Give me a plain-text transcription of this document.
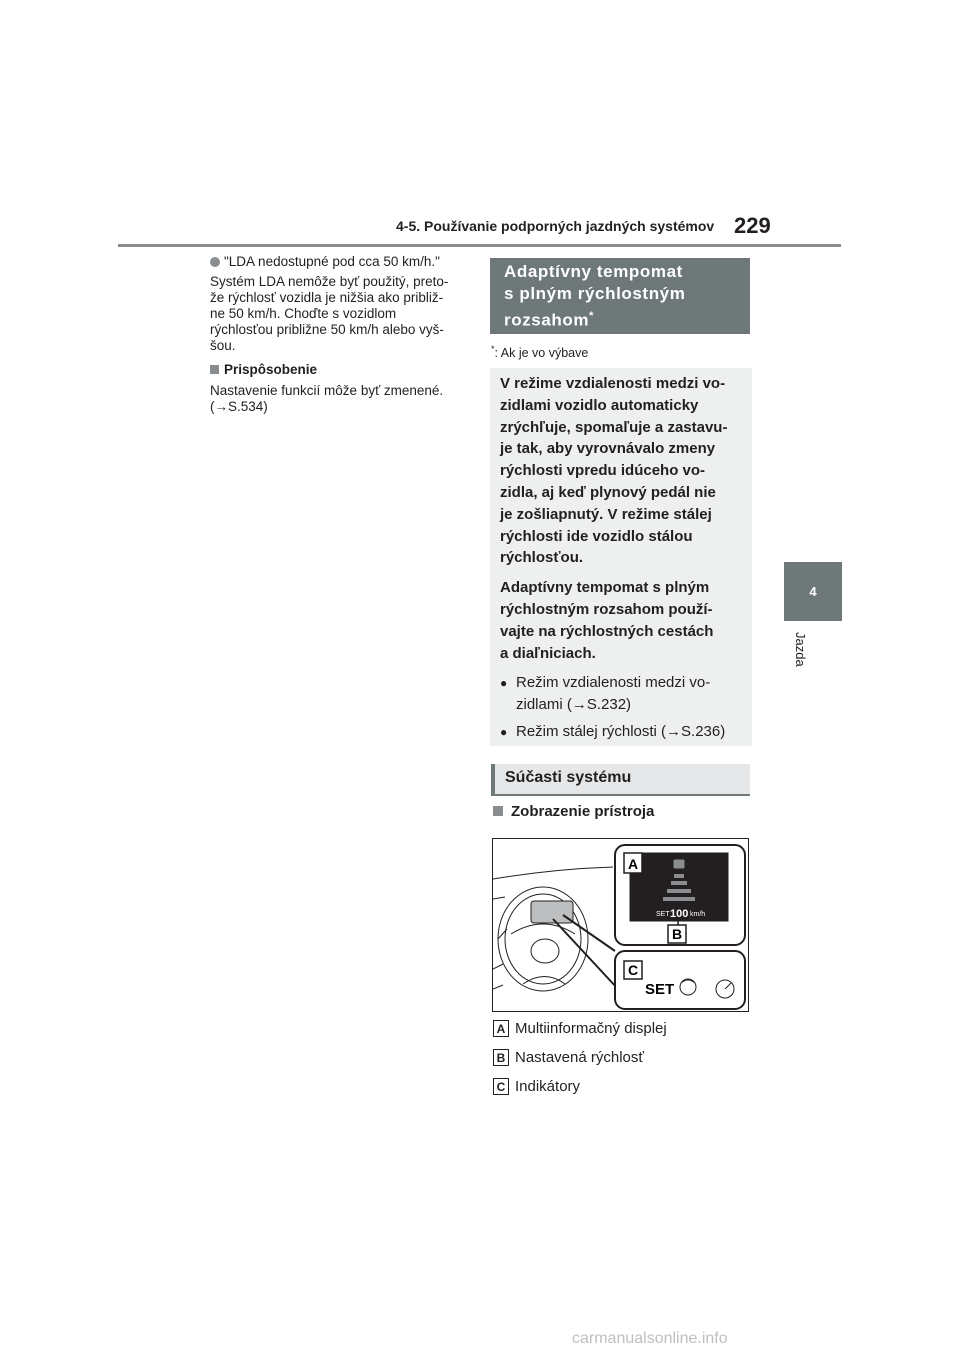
4-5. Používanie podporných jazdných systémov 229
4
Jazda
"LDA nedostupné pod cca 50 km/h."
Systém LDA nemôže byť použitý, preto-
že rýchlosť vozidla je nižšia ako približ-
ne 50 km/h. Choďte s vozidlom
rýchlosťou približne 50 km/h alebo vyš-
šou.
Prispôsobenie
Nastavenie funkcií môže byť zmenené.
(→S.534)
Adaptívny tempomat
s plným rýchlostným
rozsahom*
*: Ak je vo výbave

V režime vzdialenosti medzi vo-
zidlami vozidlo automaticky
zrýchľuje, spomaľuje a zastavu-
je tak, aby vyrovnávalo zmeny
rýchlosti vpredu idúceho vo-
zidla, aj keď plynový pedál nie
je zošliapnutý. V režime stálej
rýchlosti ide vozidlo stálou
rýchlosťou.

Adaptívny tempomat s plným
rýchlostným rozsahom použí-
vajte na rýchlostných cestách
a diaľniciach.

● Režim vzdialenosti medzi vo-
zidlami (→S.232)
● Režim stálej rýchlosti (→S.236)
Súčasti systému
Zobrazenie prístroja
A
B
C
SET 100 km/h
SET
A Multiinformačný displej
B Nastavená rýchlosť
C Indikátory
carmanualsonline.info
